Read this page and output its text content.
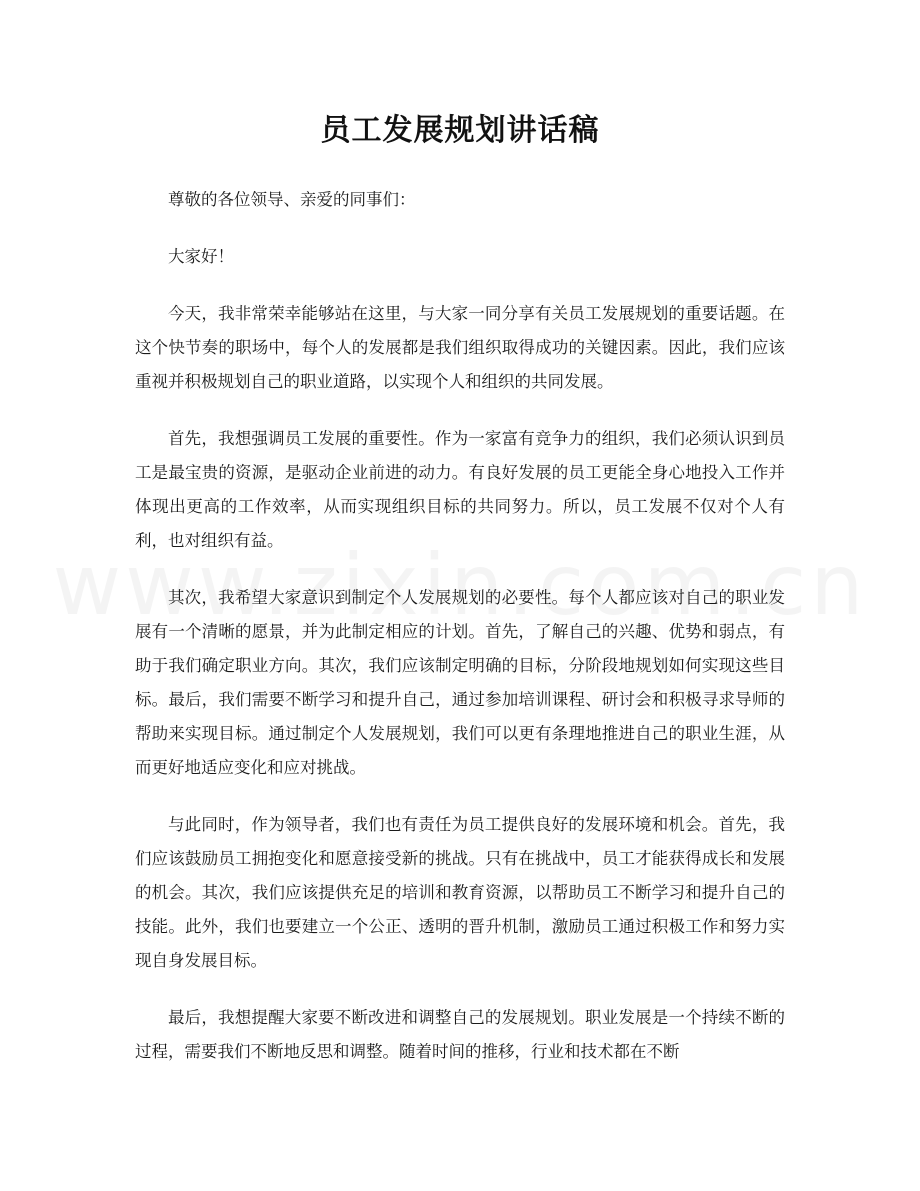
员工发展规划讲话稿

尊敬的各位领导、亲爱的同事们：

大家好！

今天，我非常荣幸能够站在这里，与大家一同分享有关员工发展规划的重要话题。在这个快节奏的职场中，每个人的发展都是我们组织取得成功的关键因素。因此，我们应该重视并积极规划自己的职业道路，以实现个人和组织的共同发展。

首先，我想强调员工发展的重要性。作为一家富有竞争力的组织，我们必须认识到员工是最宝贵的资源，是驱动企业前进的动力。有良好发展的员工更能全身心地投入工作并体现出更高的工作效率，从而实现组织目标的共同努力。所以，员工发展不仅对个人有利，也对组织有益。

其次，我希望大家意识到制定个人发展规划的必要性。每个人都应该对自己的职业发展有一个清晰的愿景，并为此制定相应的计划。首先，了解自己的兴趣、优势和弱点，有助于我们确定职业方向。其次，我们应该制定明确的目标，分阶段地规划如何实现这些目标。最后，我们需要不断学习和提升自己，通过参加培训课程、研讨会和积极寻求导师的帮助来实现目标。通过制定个人发展规划，我们可以更有条理地推进自己的职业生涯，从而更好地适应变化和应对挑战。

与此同时，作为领导者，我们也有责任为员工提供良好的发展环境和机会。首先，我们应该鼓励员工拥抱变化和愿意接受新的挑战。只有在挑战中，员工才能获得成长和发展的机会。其次，我们应该提供充足的培训和教育资源，以帮助员工不断学习和提升自己的技能。此外，我们也要建立一个公正、透明的晋升机制，激励员工通过积极工作和努力实现自身发展目标。

最后，我想提醒大家要不断改进和调整自己的发展规划。职业发展是一个持续不断的过程，需要我们不断地反思和调整。随着时间的推移，行业和技术都在不断
